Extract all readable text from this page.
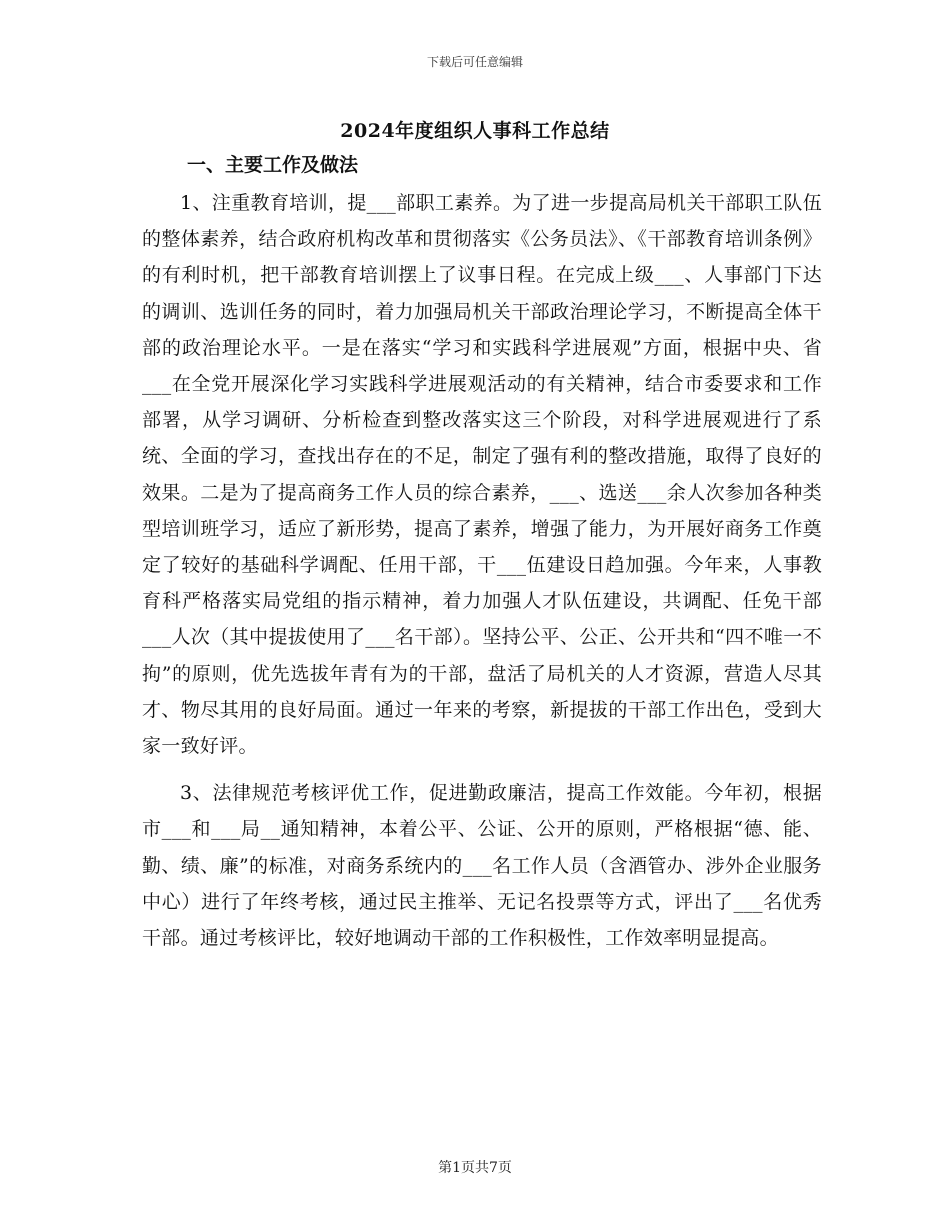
下载后可任意编辑
2024年度组织人事科工作总结
一、主要工作及做法

1、注重教育培训，提___部职工素养。为了进一步提高局机关干部职工队伍的整体素养，结合政府机构改革和贯彻落实《公务员法》、《干部教育培训条例》的有利时机，把干部教育培训摆上了议事日程。在完成上级___、人事部门下达的调训、选训任务的同时，着力加强局机关干部政治理论学习，不断提高全体干部的政治理论水平。一是在落实“学习和实践科学进展观”方面，根据中央、省___在全党开展深化学习实践科学进展观活动的有关精神，结合市委要求和工作部署，从学习调研、分析检查到整改落实这三个阶段，对科学进展观进行了系统、全面的学习，查找出存在的不足，制定了强有利的整改措施，取得了良好的效果。二是为了提高商务工作人员的综合素养，___、选送___余人次参加各种类型培训班学习，适应了新形势，提高了素养，增强了能力，为开展好商务工作奠定了较好的基础科学调配、任用干部，干___伍建设日趋加强。今年来，人事教育科严格落实局党组的指示精神，着力加强人才队伍建设，共调配、任免干部___人次（其中提拔使用了___名干部）。坚持公平、公正、公开共和“四不唯一不拘”的原则，优先选拔年青有为的干部，盘活了局机关的人才资源，营造人尽其才、物尽其用的良好局面。通过一年来的考察，新提拔的干部工作出色，受到大家一致好评。

3、法律规范考核评优工作，促进勤政廉洁，提高工作效能。今年初，根据市___和___局__通知精神，本着公平、公证、公开的原则，严格根据“德、能、勤、绩、廉”的标准，对商务系统内的___名工作人员（含酒管办、涉外企业服务中心）进行了年终考核，通过民主推举、无记名投票等方式，评出了___名优秀干部。通过考核评比，较好地调动干部的工作积极性，工作效率明显提高。

第1页共7页
